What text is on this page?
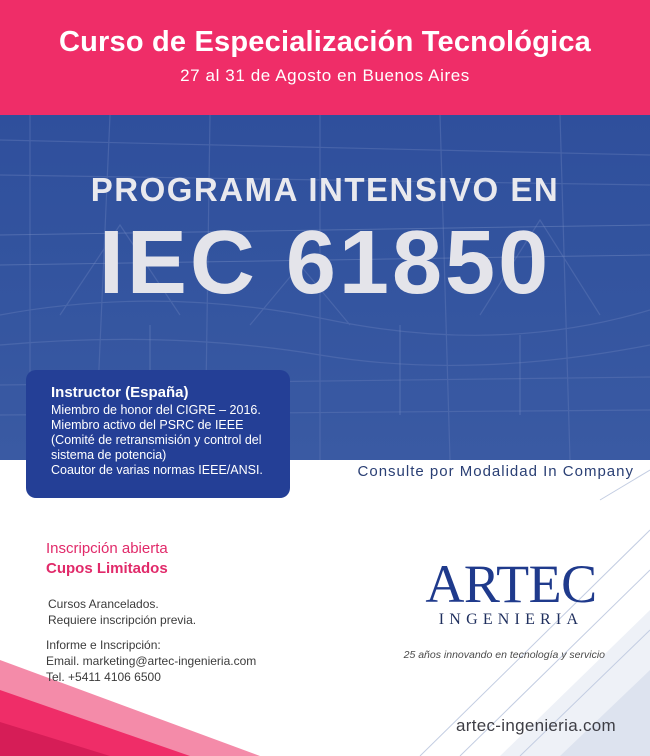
Curso de Especialización Tecnológica
27 al 31 de Agosto en Buenos Aires
PROGRAMA INTENSIVO EN
IEC 61850
Consulte por Modalidad In Company
Instructor (España)
Miembro de honor del CIGRE – 2016.
Miembro activo del PSRC de IEEE
(Comité de retransmisión y control del
sistema de potencia)
Coautor de varias normas IEEE/ANSI.
Inscripción abierta
Cupos Limitados
Cursos Arancelados.
Requiere inscripción previa.
Informe e Inscripción:
Email. marketing@artec-ingenieria.com
Tel. +5411 4106 6500
ARTEC
INGENIERIA
25 años innovando en tecnología y servicio
artec-ingenieria.com
